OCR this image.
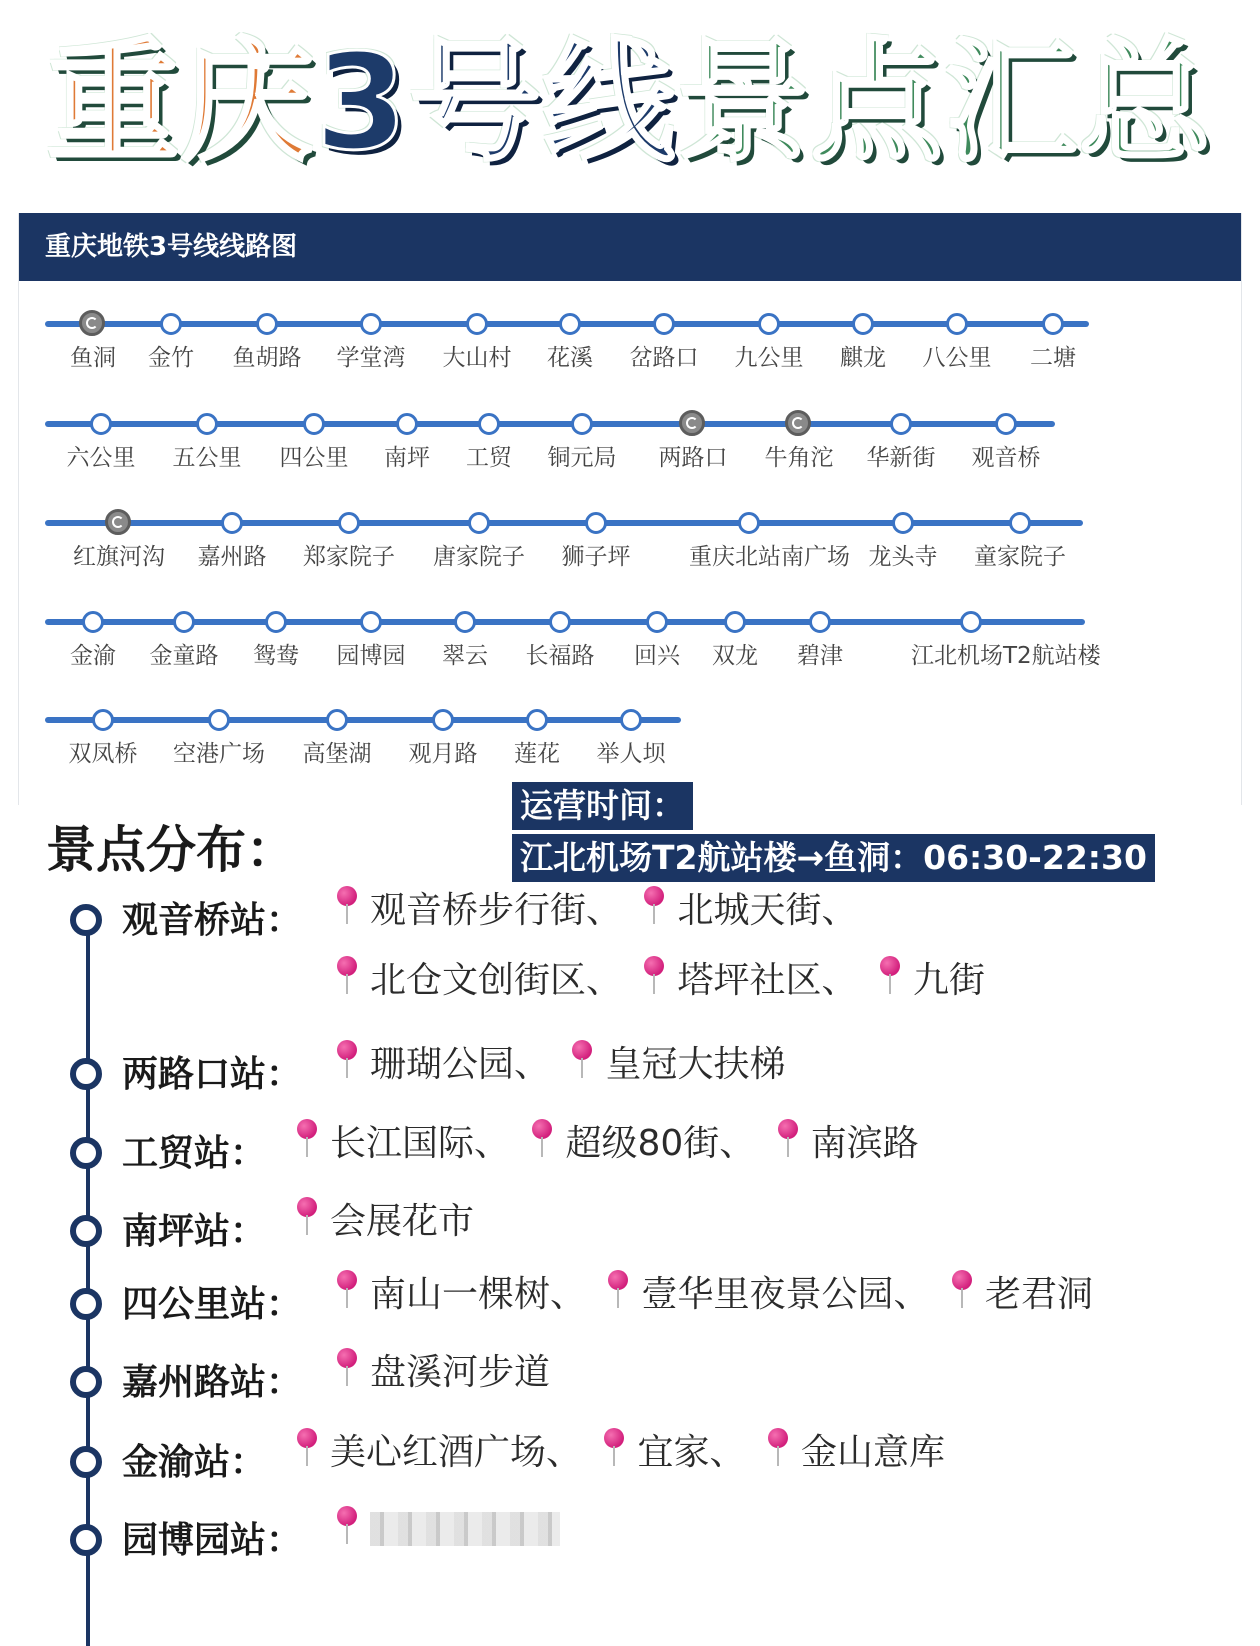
重庆3号线景点汇总
重庆地铁3号线线路图
鱼洞	金竹	鱼胡路	学堂湾	大山村	花溪	岔路口	九公里	麒龙	八公里	二塘
六公里	五公里	四公里	南坪	工贸	铜元局	两路口	牛角沱	华新街	观音桥
红旗河沟	嘉州路	郑家院子	唐家院子	狮子坪	重庆北站南广场 龙头寺	童家院子
金渝	金童路	鸳鸯	园博园	翠云	长福路	回兴	双龙	碧津	江北机场T2航站楼
双凤桥	空港广场	高堡湖	观月路	莲花	举人坝
景点分布：
运营时间：
江北机场T2航站楼→鱼洞：06:30-22:30
观音桥站：	观音桥步行街、 北城天街、 北仓文创街区、 塔坪社区、 九街
两路口站：	珊瑚公园、 皇冠大扶梯
工贸站：	长江国际、 超级80街、 南滨路
南坪站：	会展花市
四公里站：	南山一棵树、 壹华里夜景公园、 老君洞
嘉州路站：	盘溪河步道
金渝站：	美心红酒广场、 宜家、 金山意库
园博园站：
